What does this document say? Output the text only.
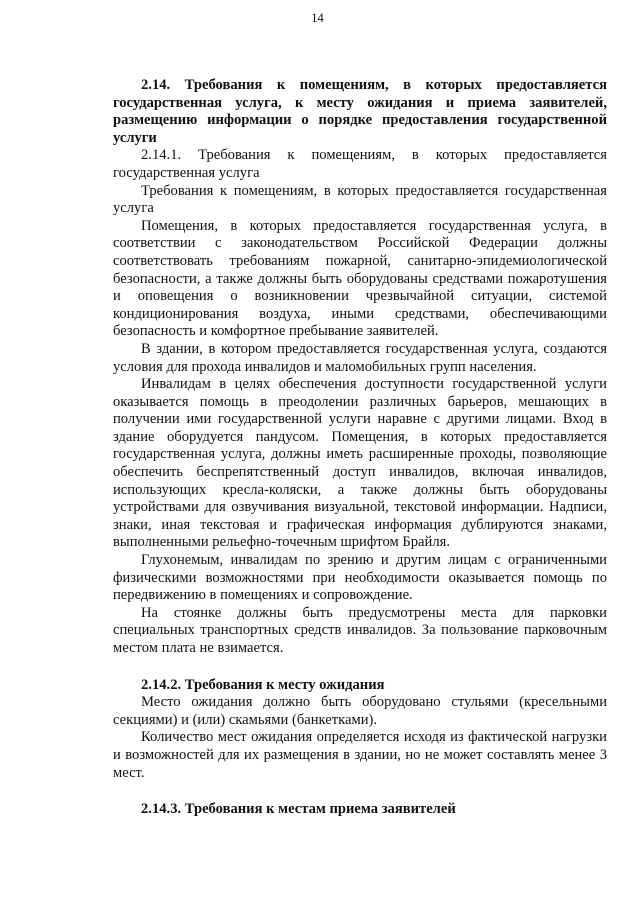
14

2.14. Требования к помещениям, в которых предоставляется государственная услуга, к месту ожидания и приема заявителей, размещению информации о порядке предоставления государственной услуги

2.14.1. Требования к помещениям, в которых предоставляется государственная услуга

Требования к помещениям, в которых предоставляется государственная услуга

Помещения, в которых предоставляется государственная услуга, в соответствии с законодательством Российской Федерации должны соответствовать требованиям пожарной, санитарно-эпидемиологической безопасности, а также должны быть оборудованы средствами пожаротушения и оповещения о возникновении чрезвычайной ситуации, системой кондиционирования воздуха, иными средствами, обеспечивающими безопасность и комфортное пребывание заявителей.

В здании, в котором предоставляется государственная услуга, создаются условия для прохода инвалидов и маломобильных групп населения.

Инвалидам в целях обеспечения доступности государственной услуги оказывается помощь в преодолении различных барьеров, мешающих в получении ими государственной услуги наравне с другими лицами. Вход в здание оборудуется пандусом. Помещения, в которых предоставляется государственная услуга, должны иметь расширенные проходы, позволяющие обеспечить беспрепятственный доступ инвалидов, включая инвалидов, использующих кресла-коляски, а также должны быть оборудованы устройствами для озвучивания визуальной, текстовой информации. Надписи, знаки, иная текстовая и графическая информация дублируются знаками, выполненными рельефно-точечным шрифтом Брайля.

Глухонемым, инвалидам по зрению и другим лицам с ограниченными физическими возможностями при необходимости оказывается помощь по передвижению в помещениях и сопровождение.

На стоянке должны быть предусмотрены места для парковки специальных транспортных средств инвалидов. За пользование парковочным местом плата не взимается.

2.14.2. Требования к месту ожидания

Место ожидания должно быть оборудовано стульями (кресельными секциями) и (или) скамьями (банкетками).

Количество мест ожидания определяется исходя из фактической нагрузки и возможностей для их размещения в здании, но не может составлять менее 3 мест.

2.14.3. Требования к местам приема заявителей
